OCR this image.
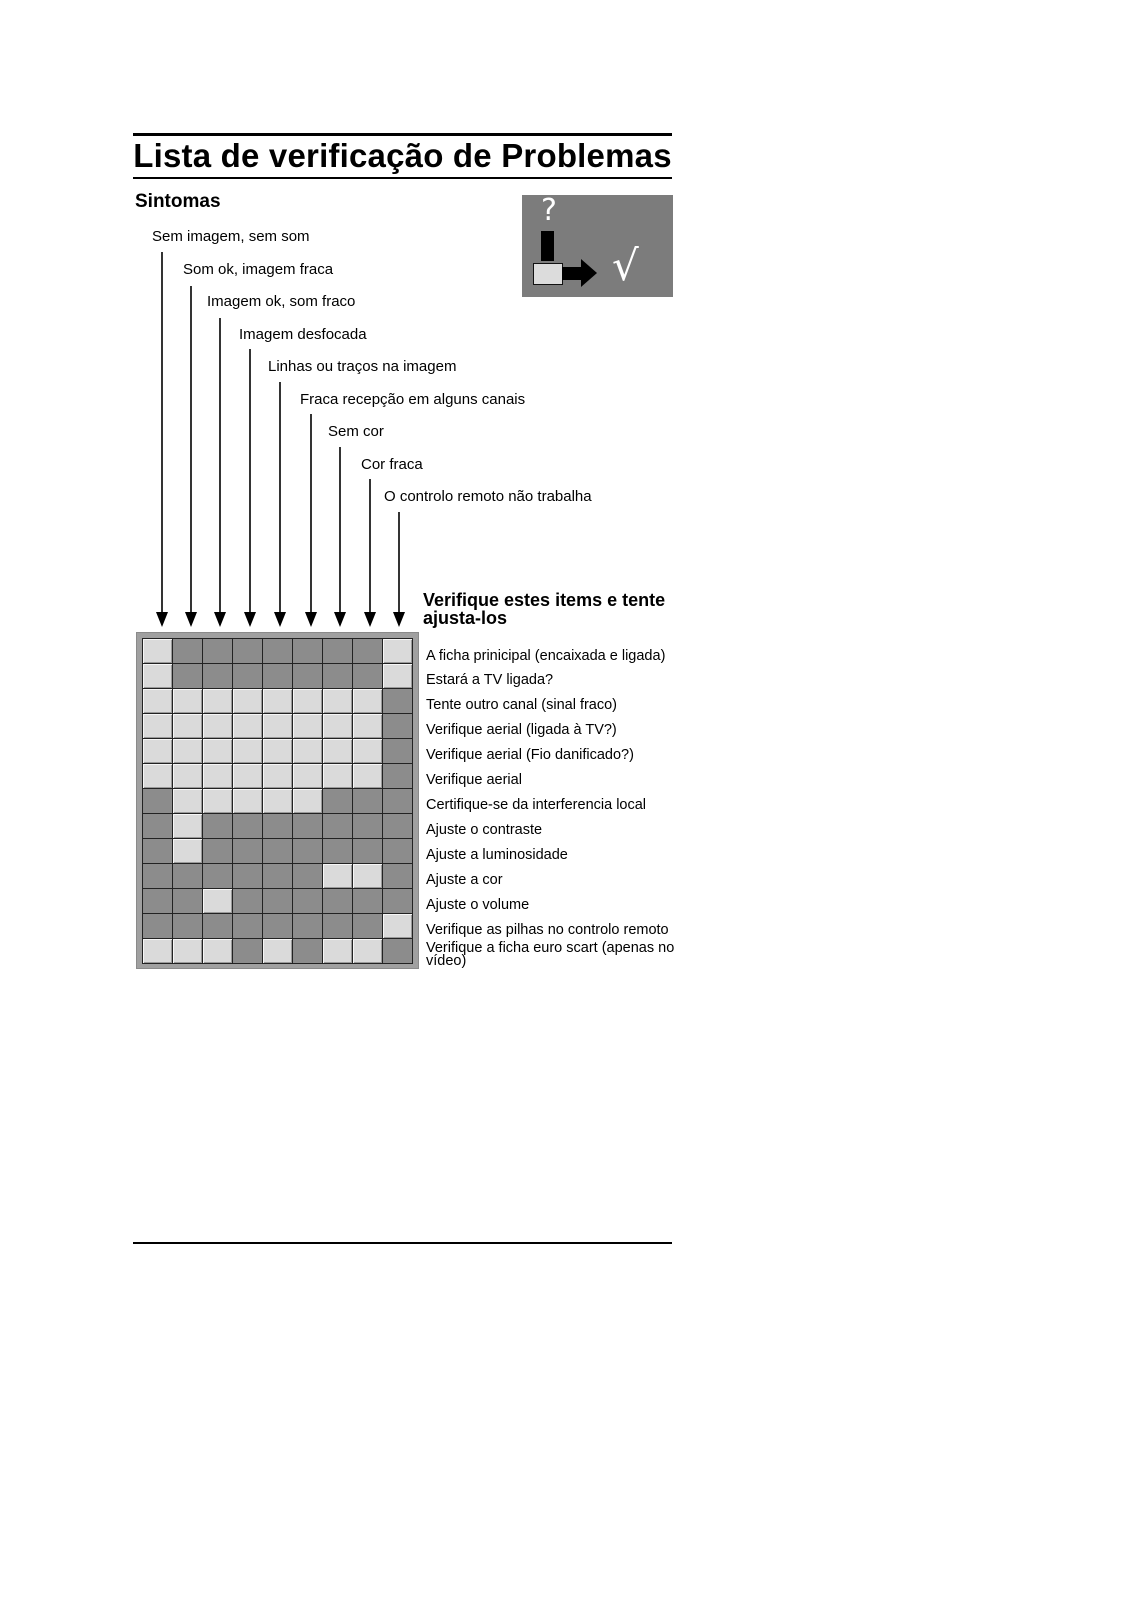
Lista de verificação de Problemas
Sintomas	?
√
Sem imagem, sem som
Som ok, imagem fraca
Imagem ok, som fraco
Imagem desfocada
Linhas ou traços na imagem
Fraca recepção em alguns canais
Sem cor
Cor fraca
O controlo remoto não trabalha
Verifique estes items e tente ajusta-los
A ficha prinicipal (encaixada e ligada)
Estará a TV ligada?
Tente outro canal (sinal fraco)
Verifique aerial (ligada à TV?)
Verifique aerial (Fio danificado?)
Verifique aerial
Certifique-se da interferencia local
Ajuste o contraste
Ajuste a luminosidade
Ajuste a cor
Ajuste o volume
Verifique as pilhas no controlo remoto
Verifique a ficha euro scart (apenas no vídeo)
